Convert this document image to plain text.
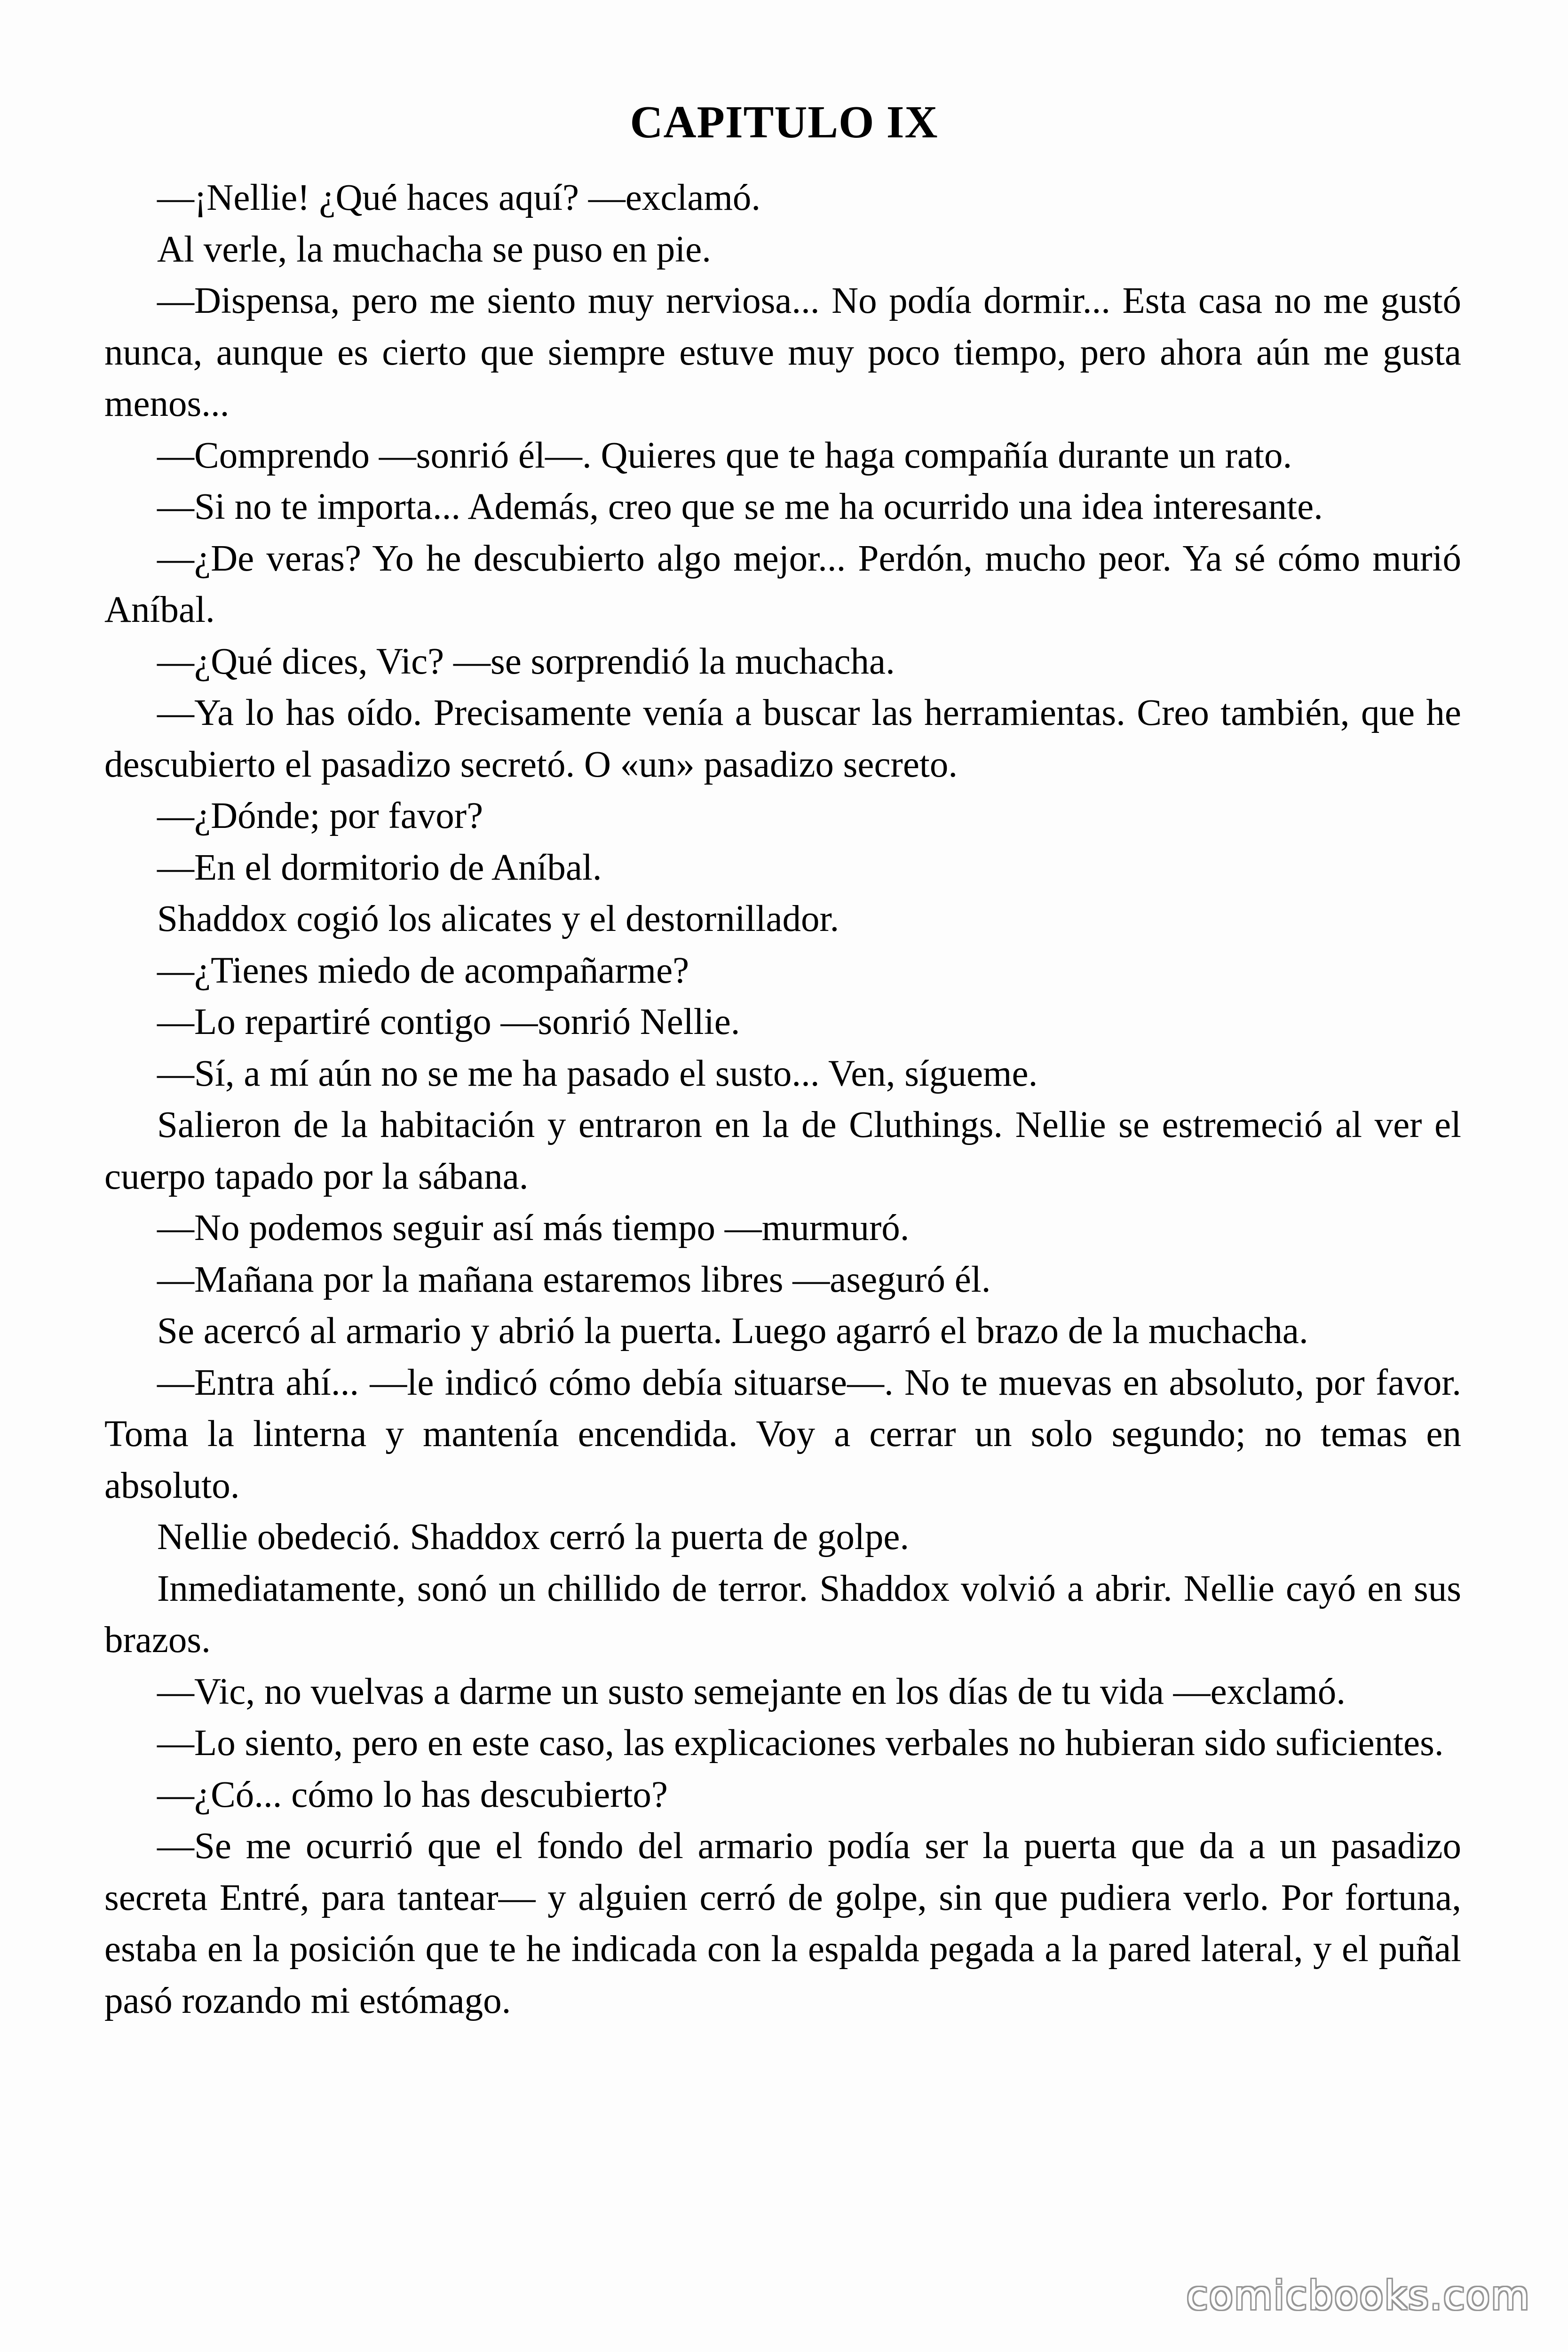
CAPITULO IX

—¡Nellie! ¿Qué haces aquí? —exclamó.

Al verle, la muchacha se puso en pie.

—Dispensa, pero me siento muy nerviosa... No podía dormir... Esta casa no me gustó nunca, aunque es cierto que siempre estuve muy poco tiempo, pero ahora aún me gusta menos...

—Comprendo —sonrió él—. Quieres que te haga compañía durante un rato.

—Si no te importa... Además, creo que se me ha ocurrido una idea interesante.

—¿De veras? Yo he descubierto algo mejor... Perdón, mucho peor. Ya sé cómo murió Aníbal.

—¿Qué dices, Vic? —se sorprendió la muchacha.

—Ya lo has oído. Precisamente venía a buscar las herramientas. Creo también, que he descubierto el pasadizo secretó. O «un» pasadizo secreto.

—¿Dónde; por favor?

—En el dormitorio de Aníbal.

Shaddox cogió los alicates y el destornillador.

—¿Tienes miedo de acompañarme?

—Lo repartiré contigo —sonrió Nellie.

—Sí, a mí aún no se me ha pasado el susto... Ven, sígueme.

Salieron de la habitación y entraron en la de Cluthings. Nellie se estremeció al ver el cuerpo tapado por la sábana.

—No podemos seguir así más tiempo —murmuró.

—Mañana por la mañana estaremos libres —aseguró él.

Se acercó al armario y abrió la puerta. Luego agarró el brazo de la muchacha.

—Entra ahí... —le indicó cómo debía situarse—. No te muevas en absoluto, por favor. Toma la linterna y mantenía encendida. Voy a cerrar un solo segundo; no temas en absoluto.

Nellie obedeció. Shaddox cerró la puerta de golpe.

Inmediatamente, sonó un chillido de terror. Shaddox volvió a abrir. Nellie cayó en sus brazos.

—Vic, no vuelvas a darme un susto semejante en los días de tu vida —exclamó.

—Lo siento, pero en este caso, las explicaciones verbales no hubieran sido suficientes.

—¿Có... cómo lo has descubierto?

—Se me ocurrió que el fondo del armario podía ser la puerta que da a un pasadizo secreta Entré, para tantear— y alguien cerró de golpe, sin que pudiera verlo. Por fortuna, estaba en la posición que te he indicada con la espalda pegada a la pared lateral, y el puñal pasó rozando mi estómago.

comicbooks.com
